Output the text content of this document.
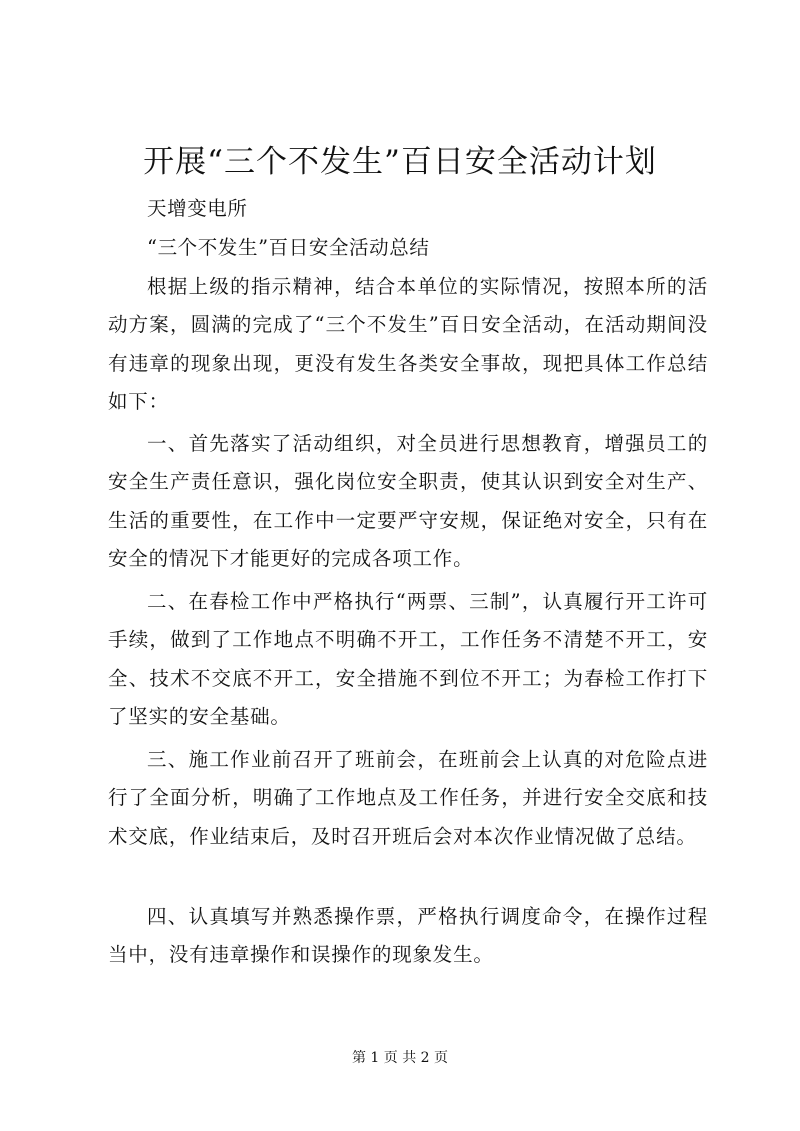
开展“三个不发生”百日安全活动计划
天增变电所
“三个不发生”百日安全活动总结

根据上级的指示精神，结合本单位的实际情况，按照本所的活动方案，圆满的完成了“三个不发生”百日安全活动，在活动期间没有违章的现象出现，更没有发生各类安全事故，现把具体工作总结如下：

一、首先落实了活动组织，对全员进行思想教育，增强员工的安全生产责任意识，强化岗位安全职责，使其认识到安全对生产、生活的重要性，在工作中一定要严守安规，保证绝对安全，只有在安全的情况下才能更好的完成各项工作。

二、在春检工作中严格执行“两票、三制”，认真履行开工许可手续，做到了工作地点不明确不开工，工作任务不清楚不开工，安全、技术不交底不开工，安全措施不到位不开工；为春检工作打下了坚实的安全基础。

三、施工作业前召开了班前会，在班前会上认真的对危险点进行了全面分析，明确了工作地点及工作任务，并进行安全交底和技术交底，作业结束后，及时召开班后会对本次作业情况做了总结。

四、认真填写并熟悉操作票，严格执行调度命令，在操作过程当中，没有违章操作和误操作的现象发生。

第 1 页 共 2 页
